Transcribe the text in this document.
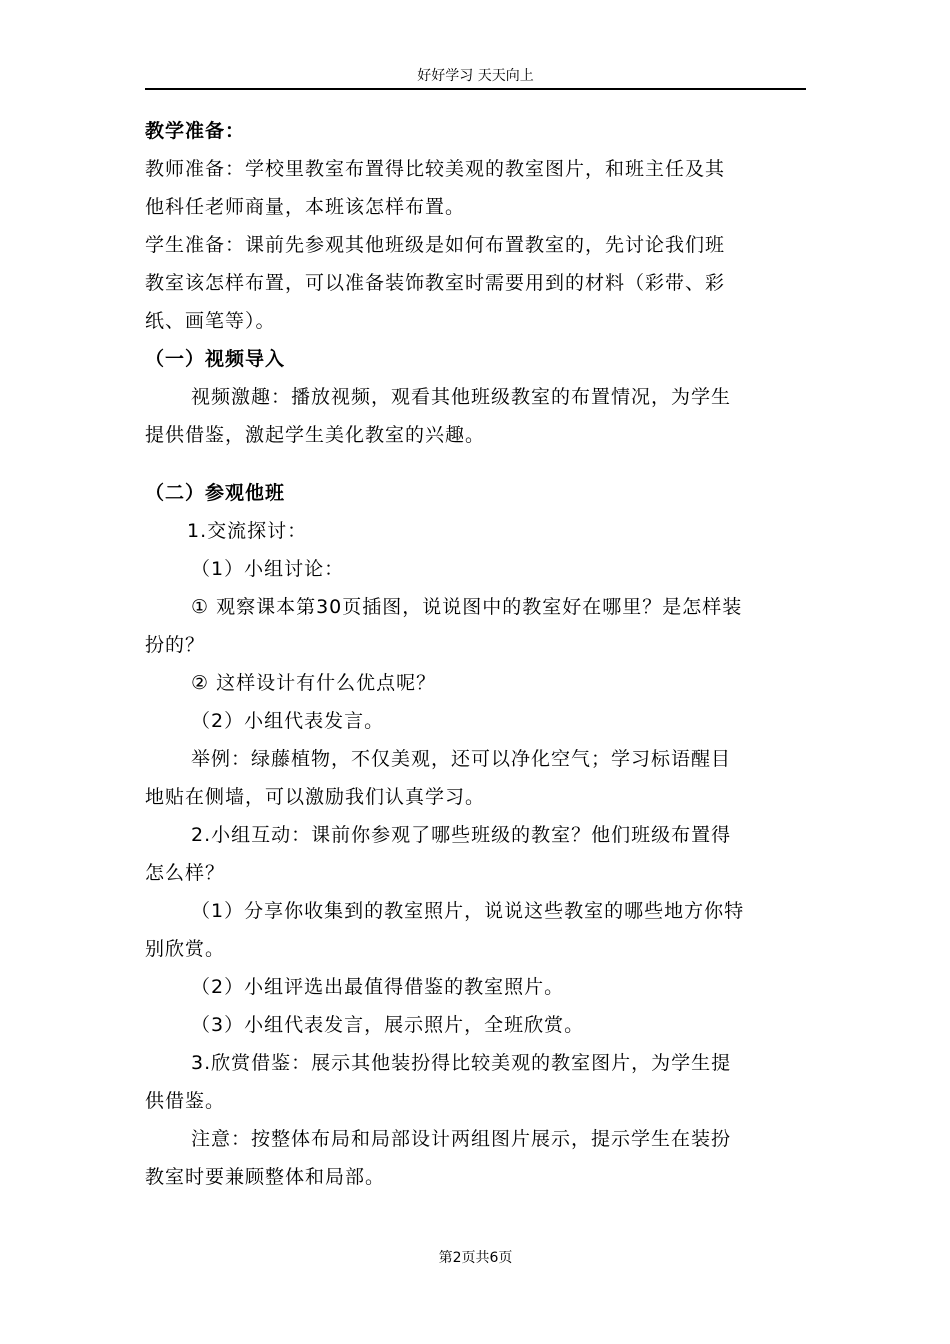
好好学习 天天向上
教学准备：
教师准备：学校里教室布置得比较美观的教室图片，和班主任及其
他科任老师商量，本班该怎样布置。
学生准备：课前先参观其他班级是如何布置教室的，先讨论我们班
教室该怎样布置，可以准备装饰教室时需要用到的材料（彩带、彩
纸、画笔等）。
（一）视频导入
视频激趣：播放视频，观看其他班级教室的布置情况，为学生
提供借鉴，激起学生美化教室的兴趣。
（二）参观他班
1.交流探讨：
（1）小组讨论：
① 观察课本第30页插图，说说图中的教室好在哪里？是怎样装
扮的？
② 这样设计有什么优点呢？
（2）小组代表发言。
举例：绿藤植物，不仅美观，还可以净化空气；学习标语醒目
地贴在侧墙，可以激励我们认真学习。
2.小组互动：课前你参观了哪些班级的教室？他们班级布置得
怎么样？
（1）分享你收集到的教室照片，说说这些教室的哪些地方你特
别欣赏。
（2）小组评选出最值得借鉴的教室照片。
（3）小组代表发言，展示照片，全班欣赏。
3.欣赏借鉴：展示其他装扮得比较美观的教室图片，为学生提
供借鉴。
注意：按整体布局和局部设计两组图片展示，提示学生在装扮
教室时要兼顾整体和局部。
第2页共6页
